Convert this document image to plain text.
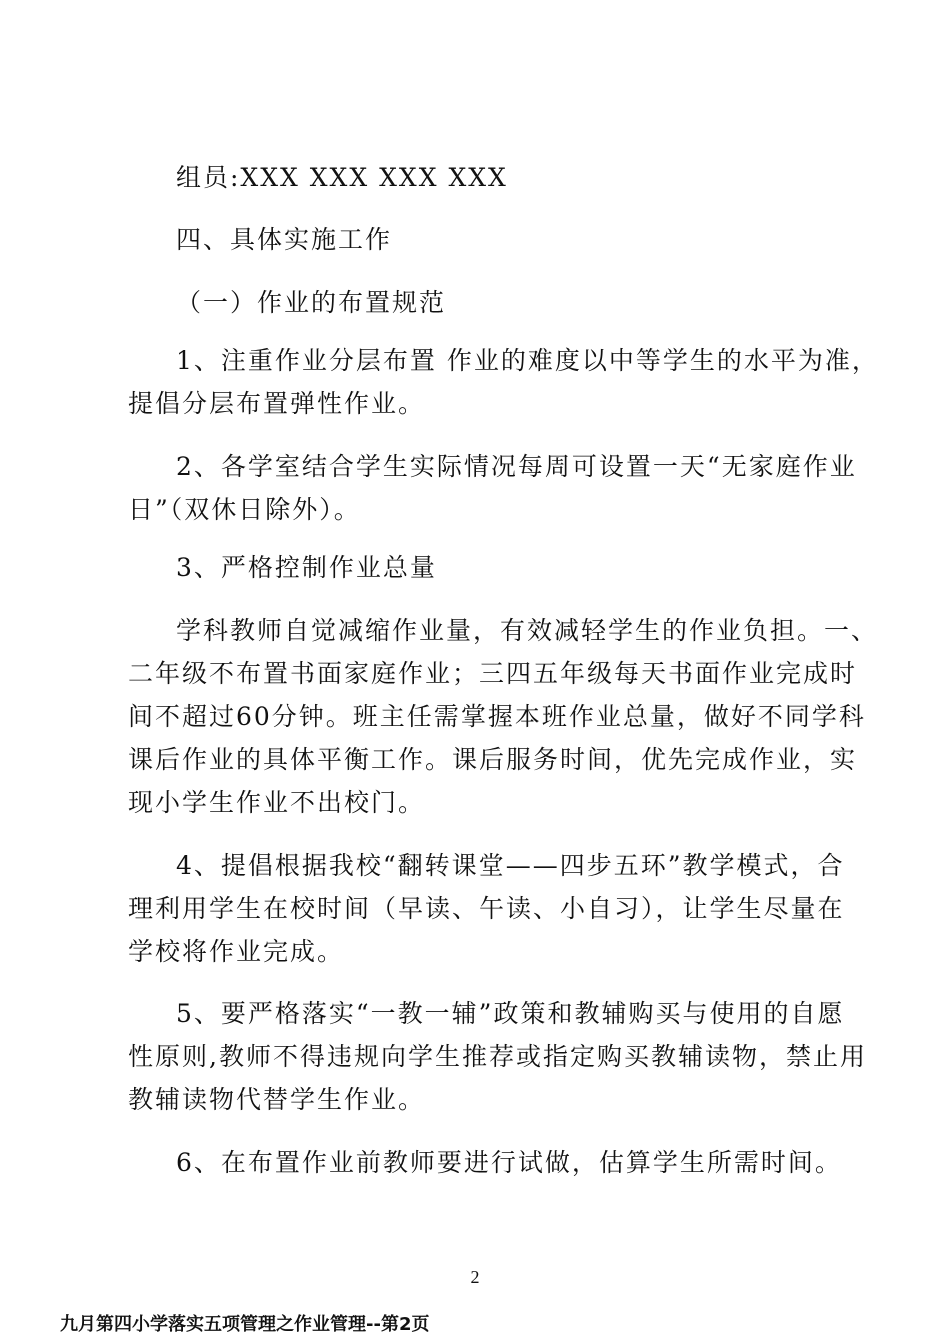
组员:XXX XXX XXX XXX
四、具体实施工作
（一）作业的布置规范
1、注重作业分层布置 作业的难度以中等学生的水平为准，
提倡分层布置弹性作业。
2、各学室结合学生实际情况每周可设置一天“无家庭作业
日”（双休日除外）。
3、严格控制作业总量
学科教师自觉减缩作业量，有效减轻学生的作业负担。一、
二年级不布置书面家庭作业；三四五年级每天书面作业完成时
间不超过60分钟。班主任需掌握本班作业总量，做好不同学科
课后作业的具体平衡工作。课后服务时间，优先完成作业，实
现小学生作业不出校门。
4、提倡根据我校“翻转课堂——四步五环”教学模式，合
理利用学生在校时间（早读、午读、小自习），让学生尽量在
学校将作业完成。
5、要严格落实“一教一辅”政策和教辅购买与使用的自愿
性原则,教师不得违规向学生推荐或指定购买教辅读物，禁止用
教辅读物代替学生作业。
6、在布置作业前教师要进行试做，估算学生所需时间。
2
九月第四小学落实五项管理之作业管理--第2页
